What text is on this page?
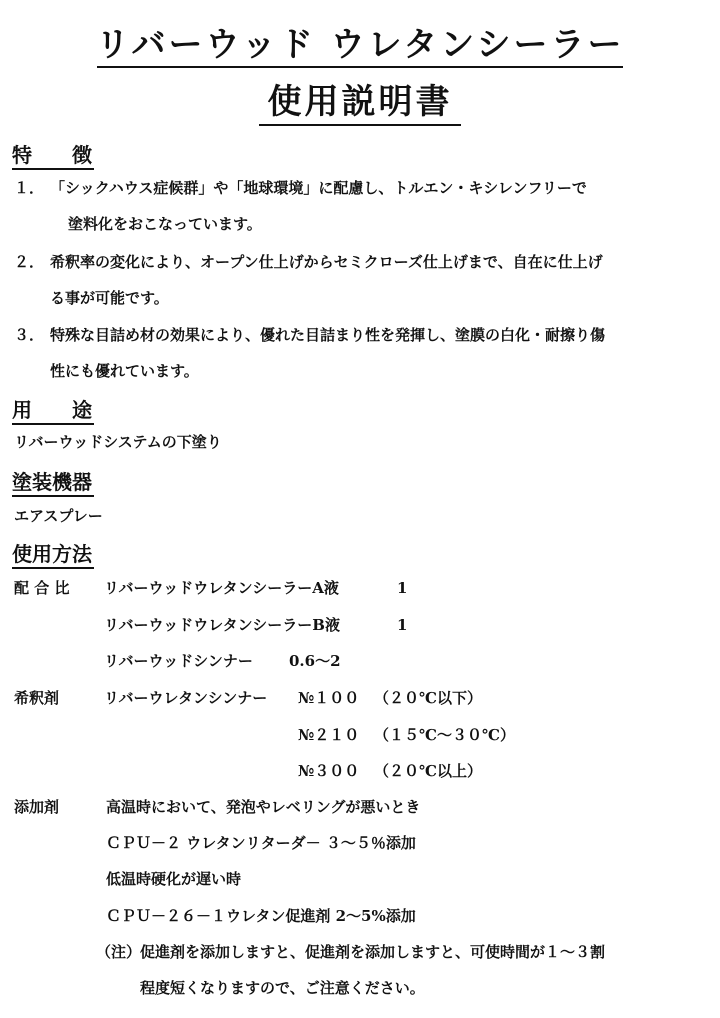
リバーウッド ウレタンシーラー
使用説明書
特　　徴
１． 「シックハウス症候群」や「地球環境」に配慮し、トルエン・キシレンフリーで
塗料化をおこなっています。
２． 希釈率の変化により、オープン仕上げからセミクローズ仕上げまで、自在に仕上げ
る事が可能です。
３． 特殊な目詰め材の効果により、優れた目詰まり性を発揮し、塗膜の白化・耐擦り傷
性にも優れています。
用　　途
リバーウッドシステムの下塗り
塗装機器
エアスプレー
使用方法
配 合 比 リバーウッドウレタンシーラーA液	1
リバーウッドウレタンシーラーB液	1
リバーウッドシンナー 0.6～2
希釈剤	リバーウレタンシンナー №１００ （２０℃以下）
№２１０ （１５℃～３０℃）
№３００ （２０℃以上）
添加剤	高温時において、発泡やレベリングが悪いとき
ＣＰＵ－２ ウレタンリターダ－ ３～５％添加
低温時硬化が遅い時
ＣＰＵ－２６－１ウレタン促進剤 2～5%添加
（注）
促進剤を添加しますと、促進剤を添加しますと、可使時間が１～３割
程度短くなりますので、ご注意ください。
